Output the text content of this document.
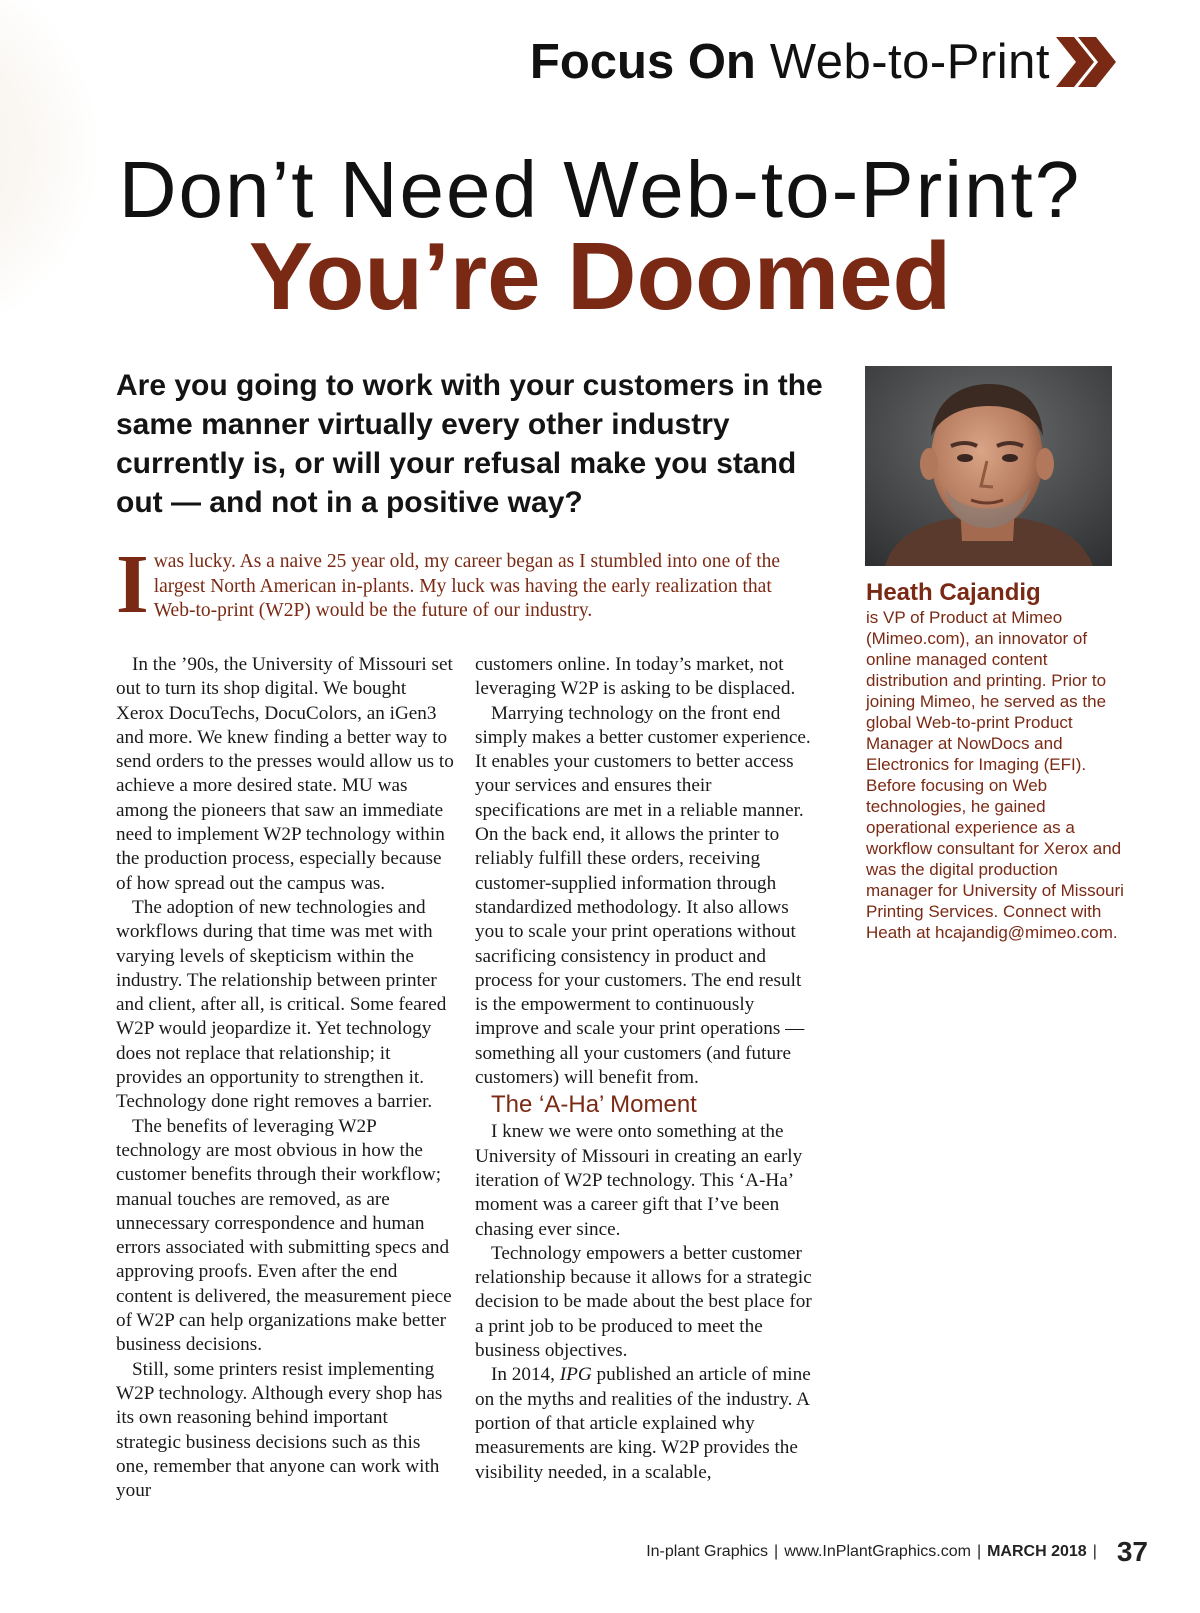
Focus On Web-to-Print
Don’t Need Web-to-Print?
You’re Doomed
Are you going to work with your customers in the same manner virtually every other industry currently is, or will your refusal make you stand out — and not in a positive way?
I was lucky. As a naive 25 year old, my career began as I stumbled into one of the largest North American in-plants. My luck was having the early realization that Web-to-print (W2P) would be the future of our industry.

In the ’90s, the University of Missouri set out to turn its shop digital. We bought Xerox DocuTechs, DocuColors, an iGen3 and more. We knew finding a better way to send orders to the presses would allow us to achieve a more desired state. MU was among the pioneers that saw an immediate need to implement W2P technology within the production process, especially because of how spread out the campus was.

The adoption of new technologies and workflows during that time was met with varying levels of skepticism within the industry. The relationship between printer and client, after all, is critical. Some feared W2P would jeopardize it. Yet technology does not replace that relationship; it provides an opportunity to strengthen it. Technology done right removes a barrier.

The benefits of leveraging W2P technology are most obvious in how the customer benefits through their workflow; manual touches are removed, as are unnecessary correspondence and human errors associated with submitting specs and approving proofs. Even after the end content is delivered, the measurement piece of W2P can help organizations make better business decisions.

Still, some printers resist implementing W2P technology. Although every shop has its own reasoning behind important strategic business decisions such as this one, remember that anyone can work with your

customers online. In today’s market, not leveraging W2P is asking to be displaced.

Marrying technology on the front end simply makes a better customer experience. It enables your customers to better access your services and ensures their specifications are met in a reliable manner. On the back end, it allows the printer to reliably fulfill these orders, receiving customer-supplied information through standardized methodology. It also allows you to scale your print operations without sacrificing consistency in product and process for your customers. The end result is the empowerment to continuously improve and scale your print operations — something all your customers (and future customers) will benefit from.

The ‘A-Ha’ Moment

I knew we were onto something at the University of Missouri in creating an early iteration of W2P technology. This ‘A-Ha’ moment was a career gift that I’ve been chasing ever since.

Technology empowers a better customer relationship because it allows for a strategic decision to be made about the best place for a print job to be produced to meet the business objectives.

In 2014, IPG published an article of mine on the myths and realities of the industry. A portion of that article explained why measurements are king. W2P provides the visibility needed, in a scalable,

Heath Cajandig
is VP of Product at Mimeo (Mimeo.com), an innovator of online managed content distribution and printing. Prior to joining Mimeo, he served as the global Web-to-print Product Manager at NowDocs and Electronics for Imaging (EFI). Before focusing on Web technologies, he gained operational experience as a workflow consultant for Xerox and was the digital production manager for University of Missouri Printing Services. Connect with Heath at hcajandig@mimeo.com.
In-plant Graphics | www.InPlantGraphics.com | MARCH 2018 | 37
